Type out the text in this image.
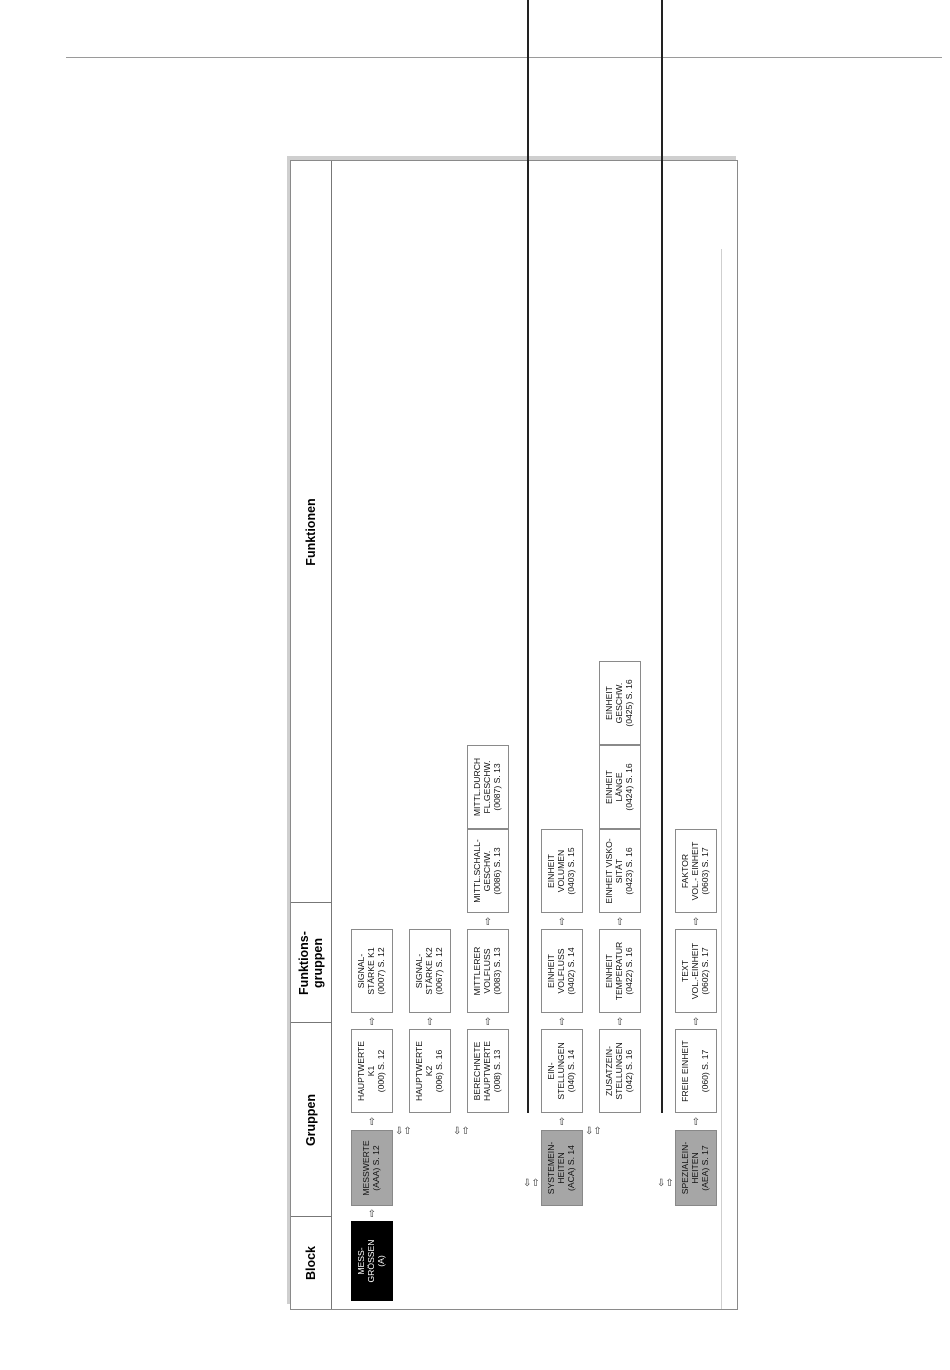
Block
Gruppen
Funktions-
gruppen
Funktionen
MESS-
GRÖSSEN
(A)
⇨
MESSWERTE
(AAA) S. 12
⇨
HAUPTWERTE
K1
(000) S. 12
⇨
SIGNAL-
STÄRKE K1
(0007) S. 12
⇩⇧
HAUPTWERTE
K2
(006) S. 16
⇨
SIGNAL-
STÄRKE K2
(0067) S. 12
⇩⇧
BERECHNETE
HAUPTWERTE
(008) S. 13
⇨
MITTLERER
VOLFLUSS
(0083) S. 13
⇨
MITTL.SCHALL-
GESCHW.
(0086) S. 13
MITTL.DURCH
FL.GESCHW.
(0087) S. 13
⇩⇧ SYSTEMEIN-
HEITEN
(ACA) S. 14
⇨
EIN-
STELLUNGEN
(040) S. 14
⇨
EINHEIT
VOLFLUSS
(0402) S. 14
⇨
EINHEIT
VOLUMEN
(0403) S. 15
⇩⇧
ZUSATZEIN-
STELLUNGEN
(042) S. 16
⇨
EINHEIT
TEMPERATUR
(0422) S. 16
⇨
EINHEIT VISKO-
SITÄT
(0423) S. 16
EINHEIT
LÄNGE
(0424) S. 16
EINHEIT
GESCHW.
(0425) S. 16
⇩⇧ SPEZIALEIN-
HEITEN
(AEA) S. 17
⇨
FREIE EINHEIT

(060) S. 17
⇨
TEXT
VOL.-EINHEIT
(0602) S. 17
⇨
FAKTOR
VOL.- EINHEIT
(0603) S. 17
